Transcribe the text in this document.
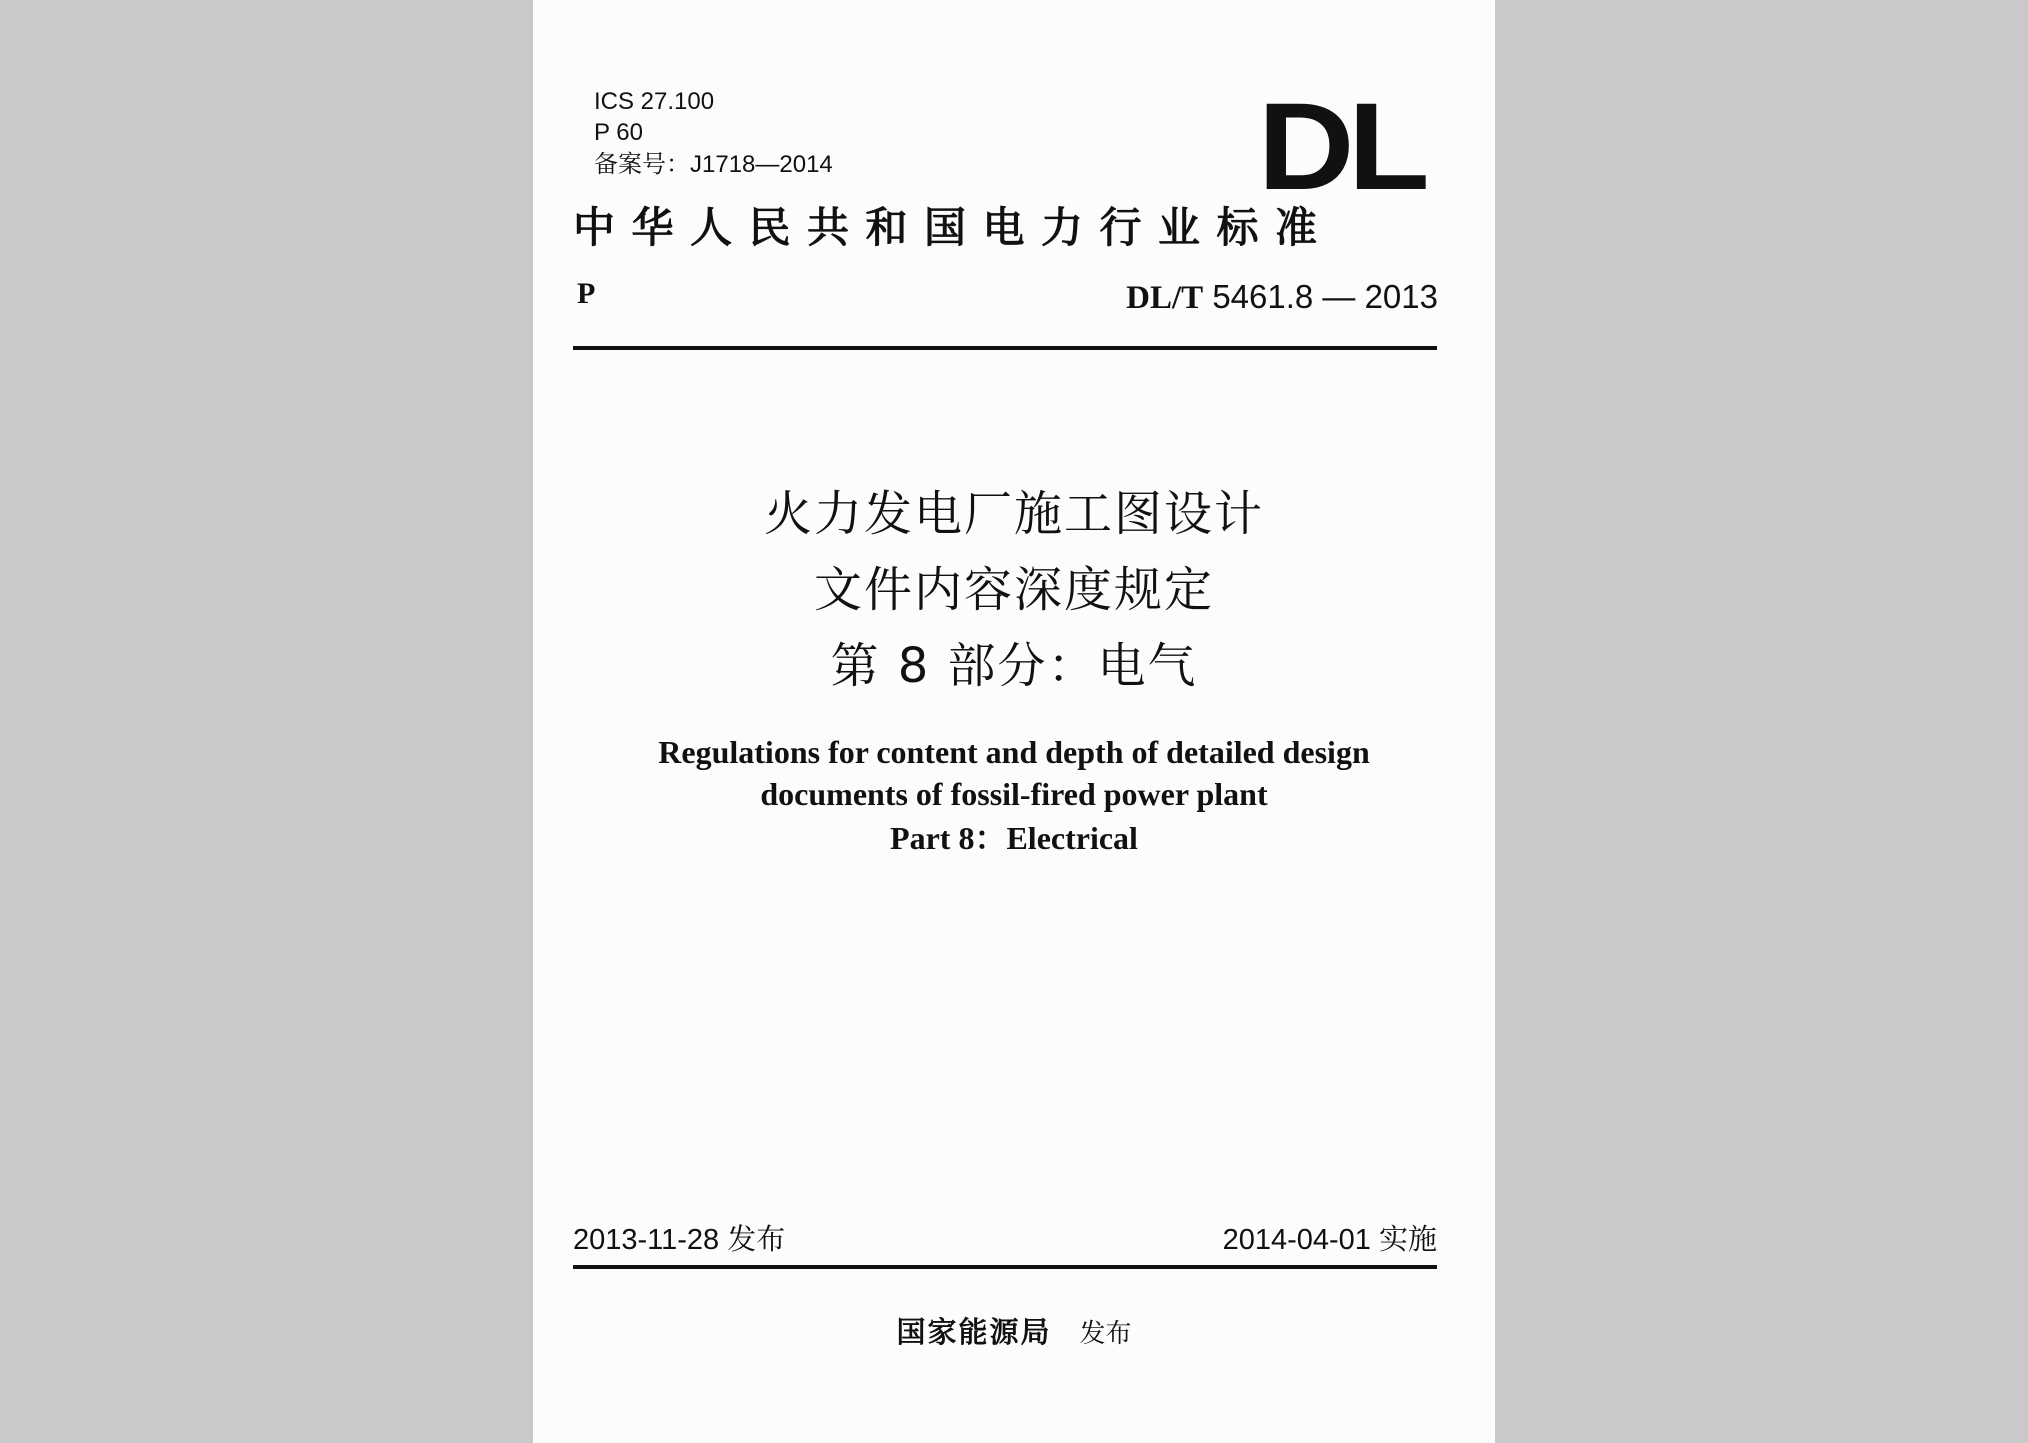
ICS 27.100
P 60
备案号：J1718—2014	DL
中华人民共和国电力行业标准
P	DL/T 5461.8 — 2013
火力发电厂施工图设计
文件内容深度规定
第 8 部分：电气
Regulations for content and depth of detailed design
documents of fossil-fired power plant
Part 8：Electrical
2013-11-28 发布	2014-04-01 实施
国家能源局 发布
